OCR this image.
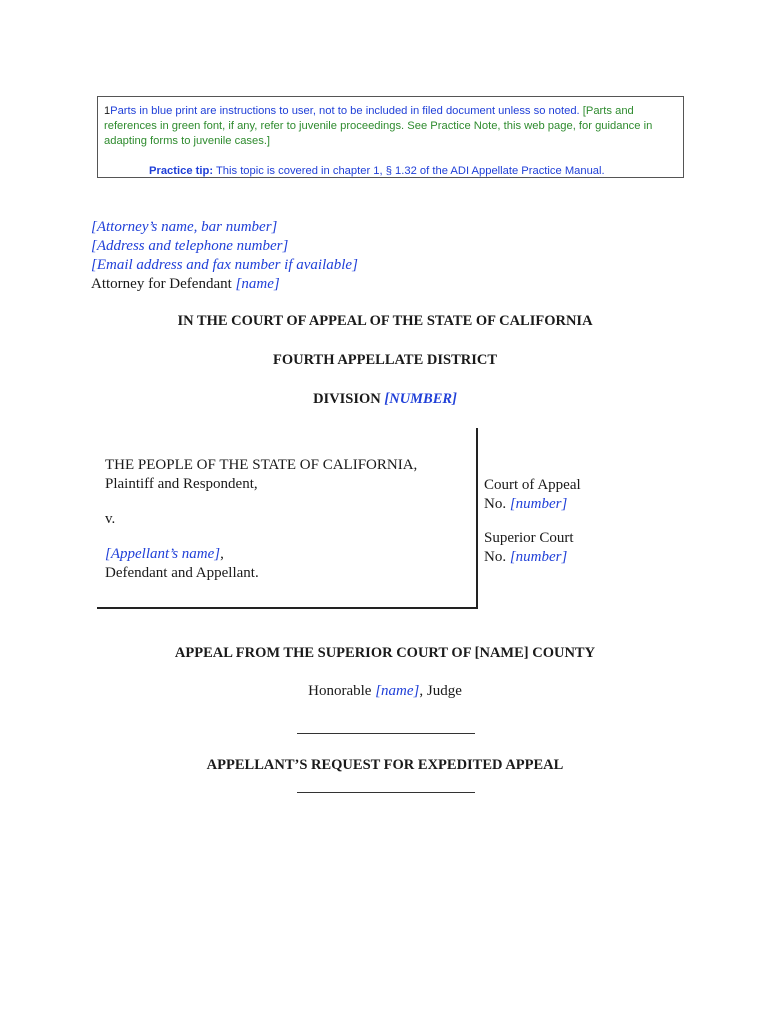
1Parts in blue print are instructions to user, not to be included in filed document unless so noted. [Parts and references in green font, if any, refer to juvenile proceedings. See Practice Note, this web page, for guidance in adapting forms to juvenile cases.]
Practice tip: This topic is covered in chapter 1, § 1.32 of the ADI Appellate Practice Manual.
[Attorney’s name, bar number]
[Address and telephone number]
[Email address and fax number if available]
Attorney for Defendant [name]
IN THE COURT OF APPEAL OF THE STATE OF CALIFORNIA
FOURTH APPELLATE DISTRICT
DIVISION [NUMBER]
THE PEOPLE OF THE STATE OF CALIFORNIA,
Plaintiff and Respondent,
v.
[Appellant’s name],
Defendant and Appellant.
Court of Appeal
No. [number]
Superior Court
No. [number]
APPEAL FROM THE SUPERIOR COURT OF [NAME] COUNTY
Honorable [name], Judge
APPELLANT’S REQUEST FOR EXPEDITED APPEAL
